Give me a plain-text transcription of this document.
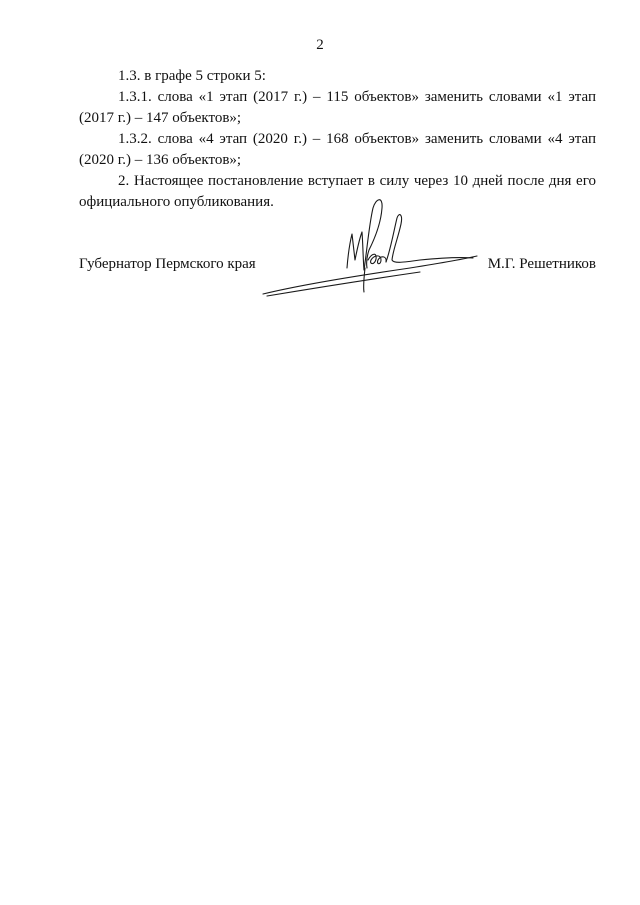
2

1.3. в графе 5 строки 5:

1.3.1. слова «1 этап (2017 г.) – 115 объектов» заменить словами «1 этап (2017 г.) – 147 объектов»;

1.3.2. слова «4 этап (2020 г.) – 168 объектов» заменить словами «4 этап (2020 г.) – 136 объектов»;

2. Настоящее постановление вступает в силу через 10 дней после дня его официального опубликования.

Губернатор Пермского края	М.Г. Решетников
